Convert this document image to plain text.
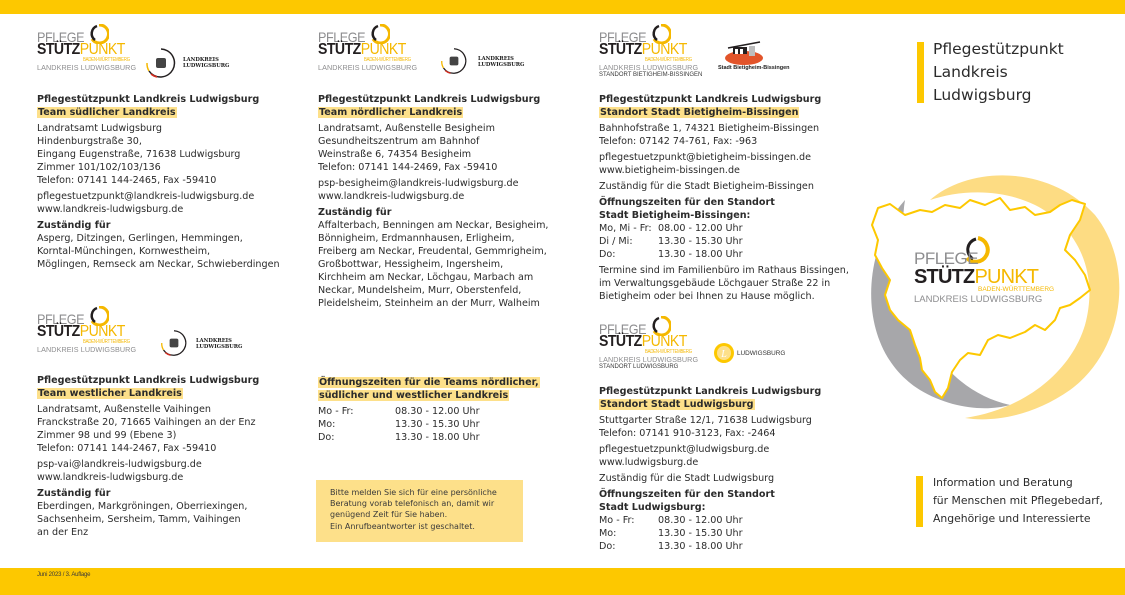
PFLEGE
STÜTZPUNKT
BADEN-WÜRTTEMBERG
LANDKREIS LUDWIGSBURG
LANDKREIS
LUDWIGSBURG
Pflegestützpunkt Landkreis Ludwigsburg
Team südlicher Landkreis
Landratsamt Ludwigsburg
Hindenburgstraße 30,
Eingang Eugenstraße, 71638 Ludwigsburg
Zimmer 101/102/103/136
Telefon: 07141 144-2465, Fax -59410
pflegestuetzpunkt@landkreis-ludwigsburg.de
www.landkreis-ludwigsburg.de
Zuständig für
Asperg, Ditzingen, Gerlingen, Hemmingen,
Korntal-Münchingen, Kornwestheim,
Möglingen, Remseck am Neckar, Schwieberdingen
PFLEGE
STÜTZPUNKT
BADEN-WÜRTTEMBERG
LANDKREIS LUDWIGSBURG
LANDKREIS
LUDWIGSBURG
Pflegestützpunkt Landkreis Ludwigsburg
Team westlicher Landkreis
Landratsamt, Außenstelle Vaihingen
Franckstraße 20, 71665 Vaihingen an der Enz
Zimmer 98 und 99 (Ebene 3)
Telefon: 07141 144-2467, Fax -59410
psp-vai@landkreis-ludwigsburg.de
www.landkreis-ludwigsburg.de
Zuständig für
Eberdingen, Markgröningen, Oberriexingen,
Sachsenheim, Sersheim, Tamm, Vaihingen
an der Enz
PFLEGE
STÜTZPUNKT
BADEN-WÜRTTEMBERG
LANDKREIS LUDWIGSBURG
LANDKREIS
LUDWIGSBURG
Pflegestützpunkt Landkreis Ludwigsburg
Team nördlicher Landkreis
Landratsamt, Außenstelle Besigheim
Gesundheitszentrum am Bahnhof
Weinstraße 6, 74354 Besigheim
Telefon: 07141 144-2469, Fax -59410
psp-besigheim@landkreis-ludwigsburg.de
www.landkreis-ludwigsburg.de
Zuständig für
Affalterbach, Benningen am Neckar, Besigheim,
Bönnigheim, Erdmannhausen, Erligheim,
Freiberg am Neckar, Freudental, Gemmrigheim,
Großbottwar, Hessigheim, Ingersheim,
Kirchheim am Neckar, Löchgau, Marbach am
Neckar, Mundelsheim, Murr, Oberstenfeld,
Pleidelsheim, Steinheim an der Murr, Walheim
Öffnungszeiten für die Teams nördlicher,
südlicher und westlicher Landkreis
Mo - Fr:	08.30 - 12.00 Uhr
Mo:	13.30 - 15.30 Uhr
Do:	13.30 - 18.00 Uhr
Bitte melden Sie sich für eine persönliche
Beratung vorab telefonisch an, damit wir
genügend Zeit für Sie haben.
Ein Anrufbeantworter ist geschaltet.
PFLEGE
STÜTZPUNKT
BADEN-WÜRTTEMBERG
LANDKREIS LUDWIGSBURG
STANDORT BIETIGHEIM-BISSINGEN
Stadt Bietigheim-Bissingen
Pflegestützpunkt Landkreis Ludwigsburg
Standort Stadt Bietigheim-Bissingen
Bahnhofstraße 1, 74321 Bietigheim-Bissingen
Telefon: 07142 74-761, Fax: -963
pflegestuetzpunkt@bietigheim-bissingen.de
www.bietigheim-bissingen.de
Zuständig für die Stadt Bietigheim-Bissingen
Öffnungszeiten für den Standort
Stadt Bietigheim-Bissingen:
Mo, Mi - Fr:	08.00 - 12.00 Uhr
Di / Mi:	13.30 - 15.30 Uhr
Do:	13.30 - 18.00 Uhr
Termine sind im Familienbüro im Rathaus Bissingen,
im Verwaltungsgebäude Löchgauer Straße 22 in
Bietigheim oder bei Ihnen zu Hause möglich.
PFLEGE
STÜTZPUNKT
BADEN-WÜRTTEMBERG
LANDKREIS LUDWIGSBURG
STANDORT LUDWIGSBURG
L LUDWIGSBURG
Pflegestützpunkt Landkreis Ludwigsburg
Standort Stadt Ludwigsburg
Stuttgarter Straße 12/1, 71638 Ludwigsburg
Telefon: 07141 910-3123, Fax: -2464
pflegestuetzpunkt@ludwigsburg.de
www.ludwigsburg.de
Zuständig für die Stadt Ludwigsburg
Öffnungszeiten für den Standort
Stadt Ludwigsburg:
Mo - Fr:	08.30 - 12.00 Uhr
Mo:	13.30 - 15.30 Uhr
Do:	13.30 - 18.00 Uhr
Pflegestützpunkt
Landkreis
Ludwigsburg
PFLEGE
STÜTZPUNKT
BADEN-WÜRTTEMBERG
LANDKREIS LUDWIGSBURG
Information und Beratung
für Menschen mit Pflegebedarf,
Angehörige und Interessierte
Juni 2023 / 3. Auflage
